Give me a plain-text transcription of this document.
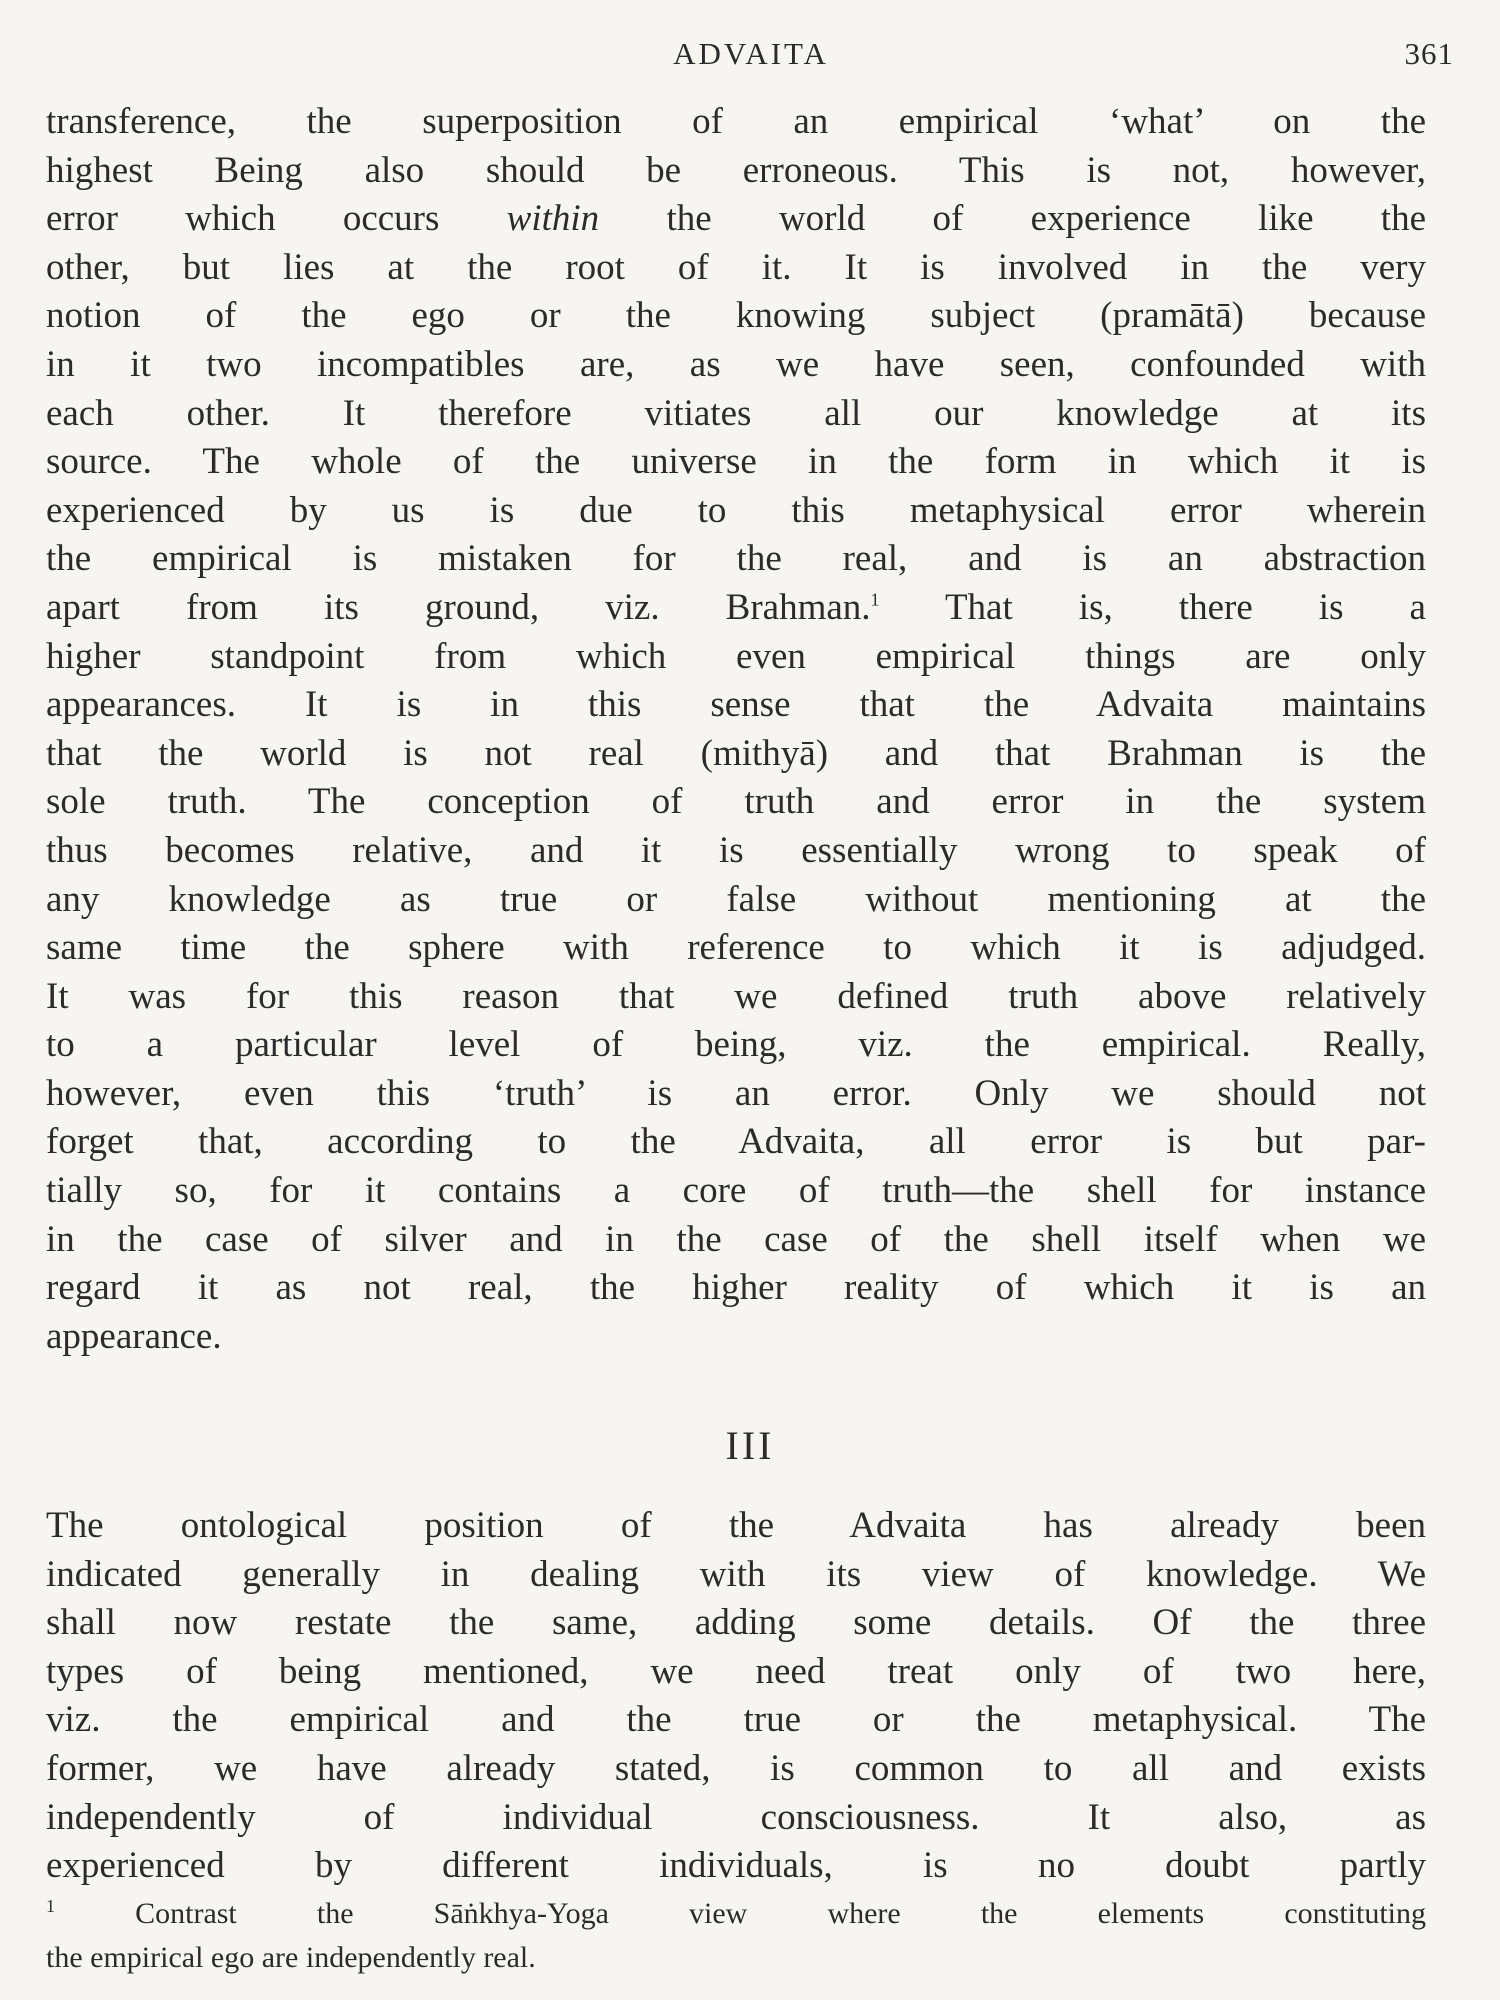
ADVAITA	361
transference, the superposition of an empirical ‘what’ on the
highest Being also should be erroneous. This is not, however,
error which occurs within the world of experience like the
other, but lies at the root of it. It is involved in the very
notion of the ego or the knowing subject (pramātā) because
in it two incompatibles are, as we have seen, confounded with
each other. It therefore vitiates all our knowledge at its
source. The whole of the universe in the form in which it is
experienced by us is due to this metaphysical error wherein
the empirical is mistaken for the real, and is an abstraction
apart from its ground, viz. Brahman.$^1$ That is, there is a
higher standpoint from which even empirical things are only
appearances. It is in this sense that the Advaita maintains
that the world is not real (mithyā) and that Brahman is the
sole truth. The conception of truth and error in the system
thus becomes relative, and it is essentially wrong to speak of
any knowledge as true or false without mentioning at the
same time the sphere with reference to which it is adjudged.
It was for this reason that we defined truth above relatively
to a particular level of being, viz. the empirical. Really,
however, even this ‘truth’ is an error. Only we should not
forget that, according to the Advaita, all error is but par-
tially so, for it contains a core of truth—the shell for instance
in the case of silver and in the case of the shell itself when we
regard it as not real, the higher reality of which it is an
appearance.
III
The ontological position of the Advaita has already been
indicated generally in dealing with its view of knowledge. We
shall now restate the same, adding some details. Of the three
types of being mentioned, we need treat only of two here,
viz. the empirical and the true or the metaphysical. The
former, we have already stated, is common to all and exists
independently of individual consciousness. It also, as
experienced by different individuals, is no doubt partly
$^1$ Contrast the Sāṅkhya-Yoga view where the elements constituting
the empirical ego are independently real.
